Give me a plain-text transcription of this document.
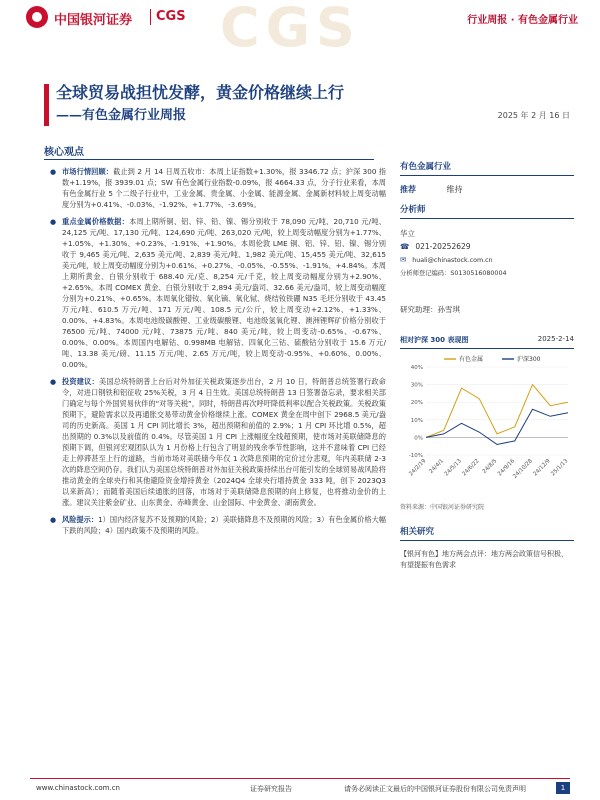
CGS
中国银河证券 CGS	行业周报 · 有色金属行业
全球贸易战担忧发酵，黄金价格继续上行
——有色金属行业周报	2025 年 2 月 16 日
核心观点
● 市场行情回顾：截止到 2 月 14 日周五收市：本周上证指数+1.30%，报 3346.72 点；沪深 300 指数+1.19%，报 3939.01 点；SW 有色金属行业指数-0.09%，报 4664.33 点，分子行业来看，本周有色金属行业 5 个二级子行业中，工业金属、贵金属、小金属、能源金属、金属新材料较上周变动幅度分别为+0.41%、-0.03%、-1.92%、+1.77%、-3.69%。
● 重点金属价格数据：本周上期所铜、铝、锌、铅、镍、锡分别收于 78,090 元/吨、20,710 元/吨、24,125 元/吨、17,130 元/吨、124,690 元/吨、263,020 元/吨，较上周变动幅度分别为+1.77%、+1.05%、+1.30%、+0.23%、-1.91%、+1.90%。本周伦敦 LME 铜、铝、锌、铅、镍、锡分别收于 9,465 美元/吨、2,635 美元/吨、2,839 美元/吨、1,982 美元/吨、15,455 美元/吨、32,615 美元/吨，较上周变动幅度分别为+0.61%、+0.27%、-0.05%、-0.55%、-1.91%、+4.84%。本周上期所黄金、白银分别收于 688.40 元/克、8,254 元/千克，较上周变动幅度分别为+2.90%、+2.65%。本周 COMEX 黄金、白银分别收于 2,894 美元/盎司、32.66 美元/盎司，较上周变动幅度分别为+0.21%、+0.65%。本周氧化镨钕、氧化镝、氧化铽、烧结钕铁硼 N35 毛坯分别收于 43.45 万元/吨、610.5 万元/吨、171 万元/吨、108.5 元/公斤，较上周变动+2.12%、+1.33%、0.00%、+4.83%。本周电池级碳酸锂、工业级碳酸锂、电池级氢氧化锂、澳洲锂辉矿价格分别收于 76500 元/吨、74000 元/吨、73875 元/吨、840 美元/吨，较上周变动-0.65%、-0.67%、0.00%、0.00%。本周国内电解钴、0.998MB 电解钴、四氧化三钴、硫酸钴分别收于 15.6 万元/吨、13.38 美元/磅、11.15 万元/吨、2.65 万元/吨，较上周变动-0.95%、+0.60%、0.00%、0.00%。
● 投资建议：美国总统特朗普上台后对外加征关税政策逐步出台，2 月 10 日，特朗普总统签署行政命令，对进口钢铁和铝征收 25%关税，3 月 4 日生效。美国总统特朗普 13 日签署备忘录，要求相关部门确定与每个外国贸易伙伴的“对等关税”，同时，特朗普再次呼吁降低利率以配合关税政策。关税政策预期下，避险需求以及再通胀交易带动黄金价格继续上涨。COMEX 黄金在周中创下 2968.5 美元/盎司的历史新高。美国 1 月 CPI 同比增长 3%，超出预期和前值的 2.9%；1 月 CPI 环比增 0.5%，超出预期的 0.3%以及前值的 0.4%。尽管美国 1 月 CPI 上涨幅度全线超预期，使市场对美联储降息的预期下调，但银河宏观团队认为 1 月份格上行包含了明显的残余季节性影响，这并不意味着 CPI 已经走上停滞甚至上行的道路，当前市场对美联储今年仅 1 次降息预期的定价过分悲观，年内美联储 2-3 次的降息空间仍存。我们认为美国总统特朗普对外加征关税政策持续出台可能引发的全球贸易战风险将推动黄金的全球央行和其他避险资金增持黄金（2024Q4 全球央行增持黄金 333 吨，创下 2023Q3 以来新高）；而随着美国后续通胀的回落，市场对于美联储降息预期的向上修复，也将推动金价的上涨。建议关注紫金矿业、山东黄金、赤峰黄金、山金国际、中金黄金、湖南黄金。
● 风险提示：1）国内经济复苏不及预期的风险；2）美联储降息不及预期的风险；3）有色金属价格大幅下跌的风险；4）国内政策不及预期的风险。
有色金属行业
推荐	维持
分析师
华立
☎ 021-20252629
✉ huali@chinastock.com.cn
分析师登记编码：S0130516080004
研究助理：孙雪琪
相对沪深 300 表现图	2025-2-14
-10%
0%
10%
20%
30%
40%
24/2/19 24/4/1
24/5/13
24/6/22 24/8/5
24/9/16
24/10/28
24/12/9
25/1/13
有色金属	沪深300
资料来源：中国银河证券研究院
相关研究
【银河有色】地方两会点评：地方两会政策信号积极，有望提振有色需求
www.chinastock.com.cn	证券研究报告	请务必阅读正文最后的中国银河证券股份有限公司免责声明	1
